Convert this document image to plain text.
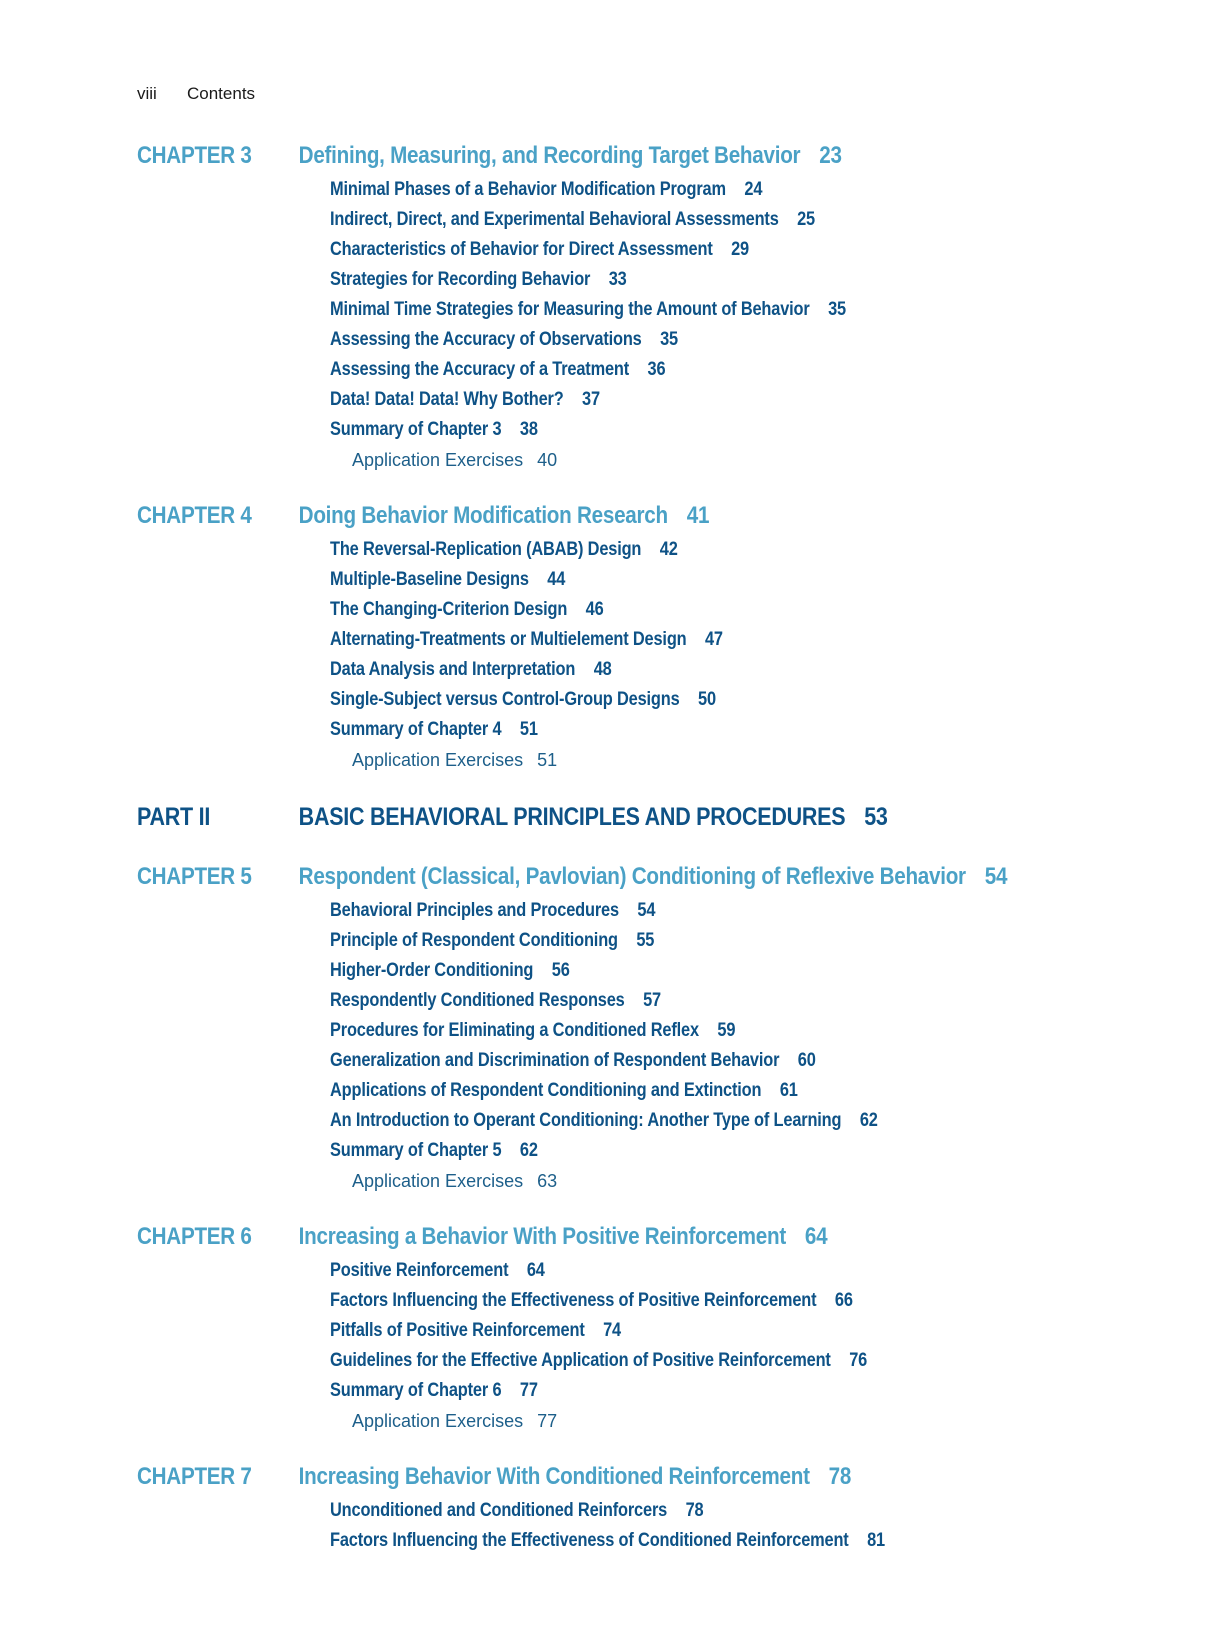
viii Contents
CHAPTER 3 Defining, Measuring, and Recording Target Behavior 23
Minimal Phases of a Behavior Modification Program 24
Indirect, Direct, and Experimental Behavioral Assessments 25
Characteristics of Behavior for Direct Assessment 29
Strategies for Recording Behavior 33
Minimal Time Strategies for Measuring the Amount of Behavior 35
Assessing the Accuracy of Observations 35
Assessing the Accuracy of a Treatment 36
Data! Data! Data! Why Bother? 37
Summary of Chapter 3 38
Application Exercises 40
CHAPTER 4 Doing Behavior Modification Research 41
The Reversal-Replication (ABAB) Design 42
Multiple-Baseline Designs 44
The Changing-Criterion Design 46
Alternating-Treatments or Multielement Design 47
Data Analysis and Interpretation 48
Single-Subject versus Control-Group Designs 50
Summary of Chapter 4 51
Application Exercises 51
PART II	BASIC BEHAVIORAL PRINCIPLES AND PROCEDURES 53
CHAPTER 5 Respondent (Classical, Pavlovian) Conditioning of Reflexive Behavior 54
Behavioral Principles and Procedures 54
Principle of Respondent Conditioning 55
Higher-Order Conditioning 56
Respondently Conditioned Responses 57
Procedures for Eliminating a Conditioned Reflex 59
Generalization and Discrimination of Respondent Behavior 60
Applications of Respondent Conditioning and Extinction 61
An Introduction to Operant Conditioning: Another Type of Learning 62
Summary of Chapter 5 62
Application Exercises 63
CHAPTER 6 Increasing a Behavior With Positive Reinforcement 64
Positive Reinforcement 64
Factors Influencing the Effectiveness of Positive Reinforcement 66
Pitfalls of Positive Reinforcement 74
Guidelines for the Effective Application of Positive Reinforcement 76
Summary of Chapter 6 77
Application Exercises 77
CHAPTER 7 Increasing Behavior With Conditioned Reinforcement 78
Unconditioned and Conditioned Reinforcers 78
Factors Influencing the Effectiveness of Conditioned Reinforcement 81
